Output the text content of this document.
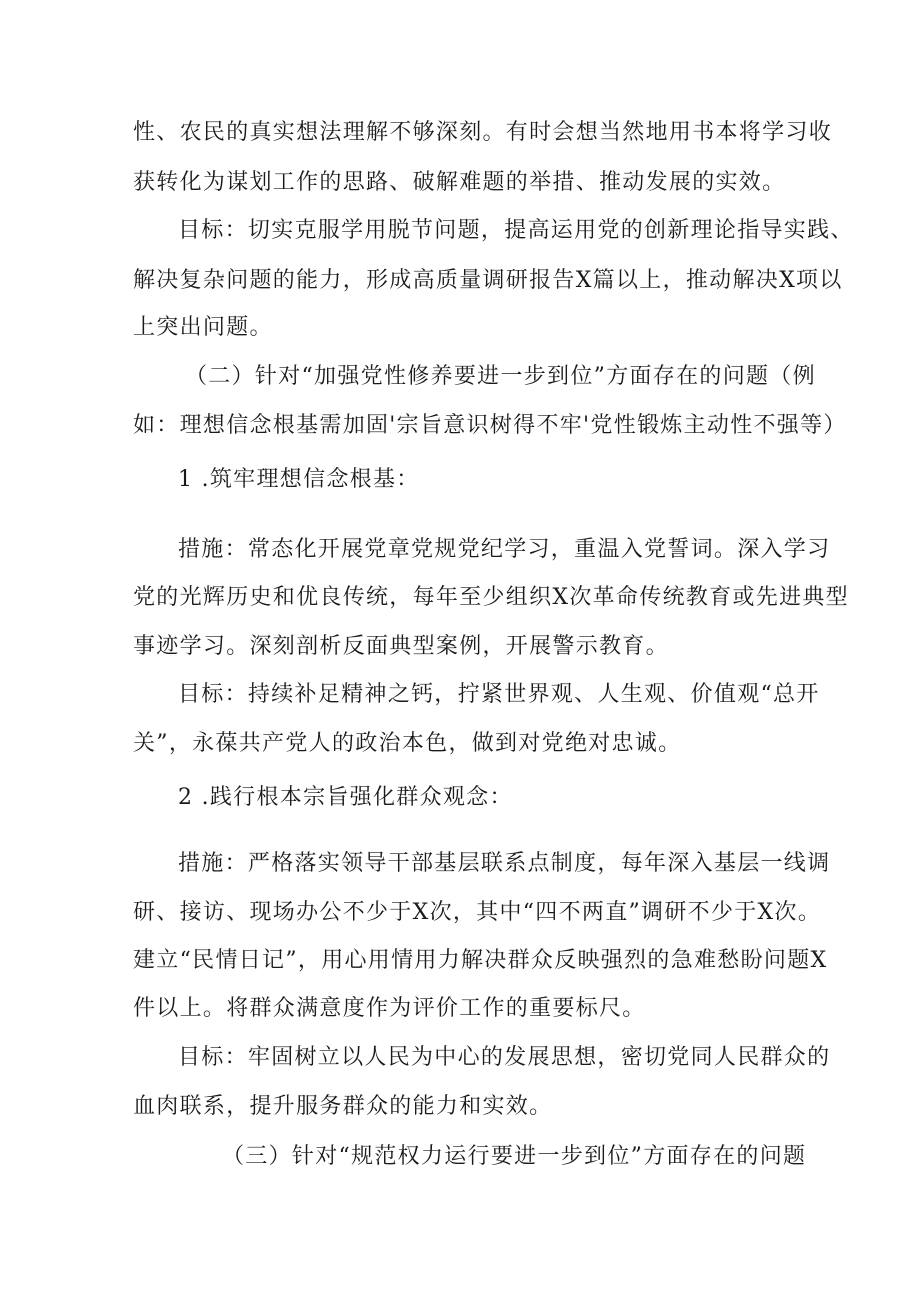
性、农民的真实想法理解不够深刻。有时会想当然地用书本将学习收
获转化为谋划工作的思路、破解难题的举措、推动发展的实效。
目标：切实克服学用脱节问题，提高运用党的创新理论指导实践、
解决复杂问题的能力，形成高质量调研报告X篇以上，推动解决X项以
上突出问题。
（二）针对“加强党性修养要进一步到位”方面存在的问题（例
如：理想信念根基需加固'宗旨意识树得不牢'党性锻炼主动性不强等）
1 .筑牢理想信念根基：
措施：常态化开展党章党规党纪学习，重温入党誓词。深入学习
党的光辉历史和优良传统，每年至少组织X次革命传统教育或先进典型
事迹学习。深刻剖析反面典型案例，开展警示教育。
目标：持续补足精神之钙，拧紧世界观、人生观、价值观“总开
关”，永葆共产党人的政治本色，做到对党绝对忠诚。
2 .践行根本宗旨强化群众观念：
措施：严格落实领导干部基层联系点制度，每年深入基层一线调
研、接访、现场办公不少于X次，其中“四不两直”调研不少于X次。
建立“民情日记”，用心用情用力解决群众反映强烈的急难愁盼问题X
件以上。将群众满意度作为评价工作的重要标尺。
目标：牢固树立以人民为中心的发展思想，密切党同人民群众的
血肉联系，提升服务群众的能力和实效。
（三）针对“规范权力运行要进一步到位”方面存在的问题
